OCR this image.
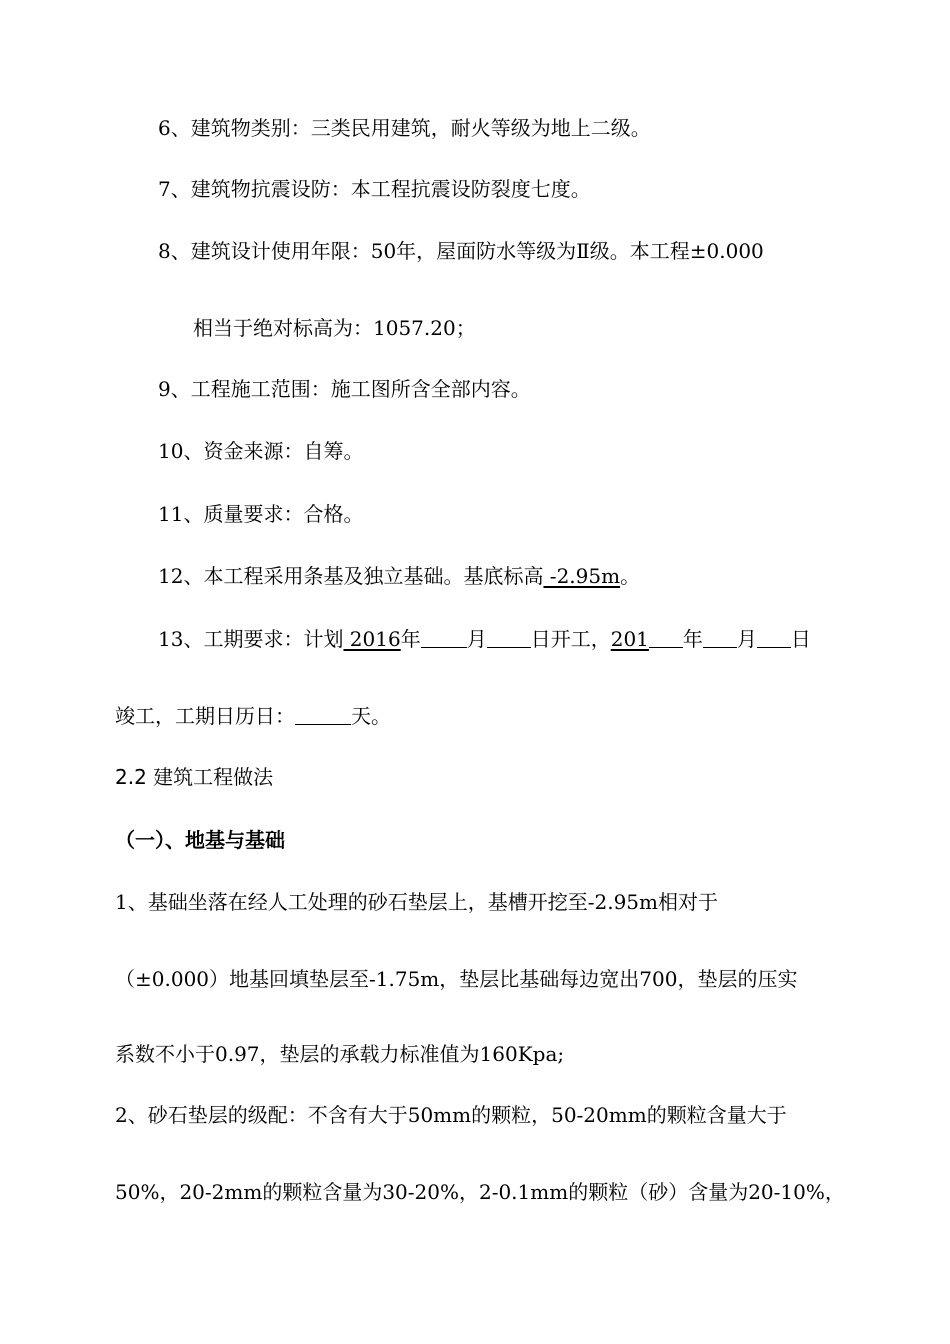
6、建筑物类别：三类民用建筑，耐火等级为地上二级。
7、建筑物抗震设防：本工程抗震设防裂度七度。
8、建筑设计使用年限：50年，屋面防水等级为Ⅱ级。本工程±0.000
相当于绝对标高为：1057.20；
9、工程施工范围：施工图所含全部内容。
10、资金来源：自筹。
11、质量要求：合格。
12、本工程采用条基及独立基础。基底标高 -2.95m。
13、工期要求：计划 2016年 月 日开工，201 年 月 日
竣工，工期日历日：	天。
2.2 建筑工程做法
（一）、地基与基础
1、基础坐落在经人工处理的砂石垫层上，基槽开挖至-2.95m相对于
（±0.000）地基回填垫层至-1.75m，垫层比基础每边宽出700，垫层的压实
系数不小于0.97，垫层的承载力标准值为160Kpa;
2、砂石垫层的级配：不含有大于50mm的颗粒，50-20mm的颗粒含量大于
50%，20-2mm的颗粒含量为30-20%，2-0.1mm的颗粒（砂）含量为20-10%，
